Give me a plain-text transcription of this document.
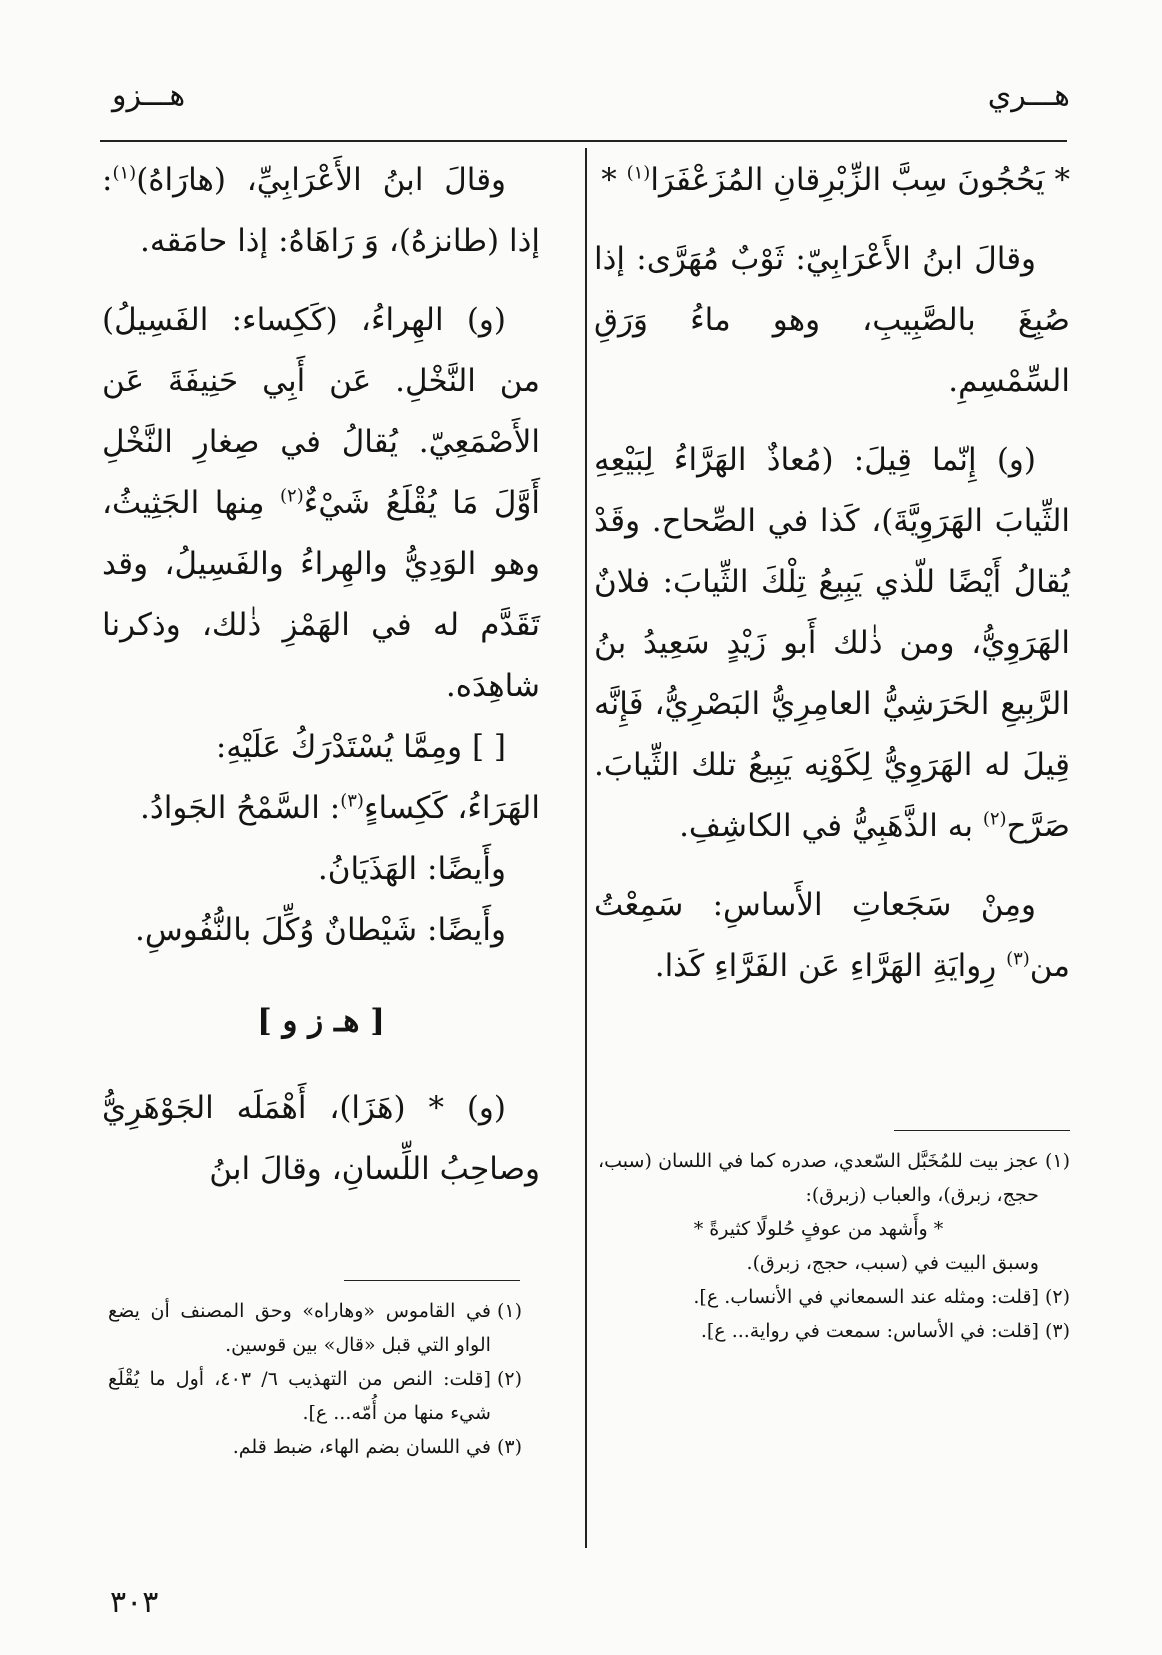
هـــري
هـــزو

* يَحُجُونَ سِبَّ الزِّبْرِقانِ المُزَعْفَرَا$^{(١)}$ *

وقالَ ابنُ الأَعْرَابِيّ: ثَوْبٌ مُهَرَّى: إذا صُبِغَ بالصَّبِيبِ، وهو ماءُ وَرَقِ السِّمْسِمِ.

(و) إِنّما قِيلَ: (مُعاذٌ الهَرَّاءُ لِبَيْعِهِ الثِّيابَ الهَرَوِيَّةَ)، كَذا في الصِّحاح. وقَدْ يُقالُ أَيْضًا للّذي يَبِيعُ تِلْكَ الثِّيابَ: فلانٌ الهَرَوِيُّ، ومن ذٰلك أَبو زَيْدٍ سَعِيدُ بنُ الرَّبِيعِ الحَرَشِيُّ العامِرِيُّ البَصْرِيُّ، فَإِنَّه قِيلَ له الهَرَوِيُّ لِكَوْنِه يَبِيعُ تلك الثِّيابَ. صَرَّح$^{(٢)}$ به الذَّهَبِيُّ في الكاشِفِ.

ومِنْ سَجَعاتِ الأَساسِ: سَمِعْتُ من$^{(٣)}$ رِوايَةِ الهَرَّاءِ عَن الفَرَّاءِ كَذا.

(١)
عجز بيت للمُخَبَّل السّعدي، صدره كما في اللسان (سبب، حجج، زبرق)، والعباب (زبرق):
* وأَشهد من عوفٍ حُلولًا كثيرةً *
وسبق البيت في (سبب، حجج، زبرق).
(٢)
[قلت: ومثله عند السمعاني في الأنساب. ع].
(٣)
[قلت: في الأساس: سمعت في رواية... ع].

وقالَ ابنُ الأَعْرَابِيِّ، (هارَاهُ)$^{(١)}$: إذا (طانزهُ)، وَ رَاهَاهُ: إذا حامَقه.

(و) الهِراءُ، (كَكِساء: الفَسِيلُ) من النَّخْلِ. عَن أَبِي حَنِيفَةَ عَن الأَصْمَعِيّ. يُقالُ في صِغارِ النَّخْلِ أَوَّلَ مَا يُقْلَعُ شَيْءٌ$^{(٢)}$ مِنها الجَثِيثُ، وهو الوَدِيُّ والهِراءُ والفَسِيلُ، وقد تَقَدَّم له في الهَمْزِ ذٰلك، وذكرنا شاهِدَه.

[ ] ومِمَّا يُسْتَدْرَكُ عَلَيْهِ:

الهَرَاءُ، كَكِساءٍ$^{(٣)}$: السَّمْحُ الجَوادُ.

وأَيضًا: الهَذَيَانُ.

وأَيضًا: شَيْطانٌ وُكِّلَ بالنُّفُوسِ.

[ هـ ز و ]

(و) * (هَزَا)، أَهْمَلَه الجَوْهَرِيُّ وصاحِبُ اللِّسانِ، وقالَ ابنُ

(١)
في القاموس «وهاراه» وحق المصنف أن يضع الواو التي قبل «قال» بين قوسين.
(٢)
[قلت: النص من التهذيب ٦/ ٤٠٣، أول ما يُقْلَع شيء منها من أُمّه... ع].
(٣)
في اللسان بضم الهاء، ضبط قلم.
٣٠٣
